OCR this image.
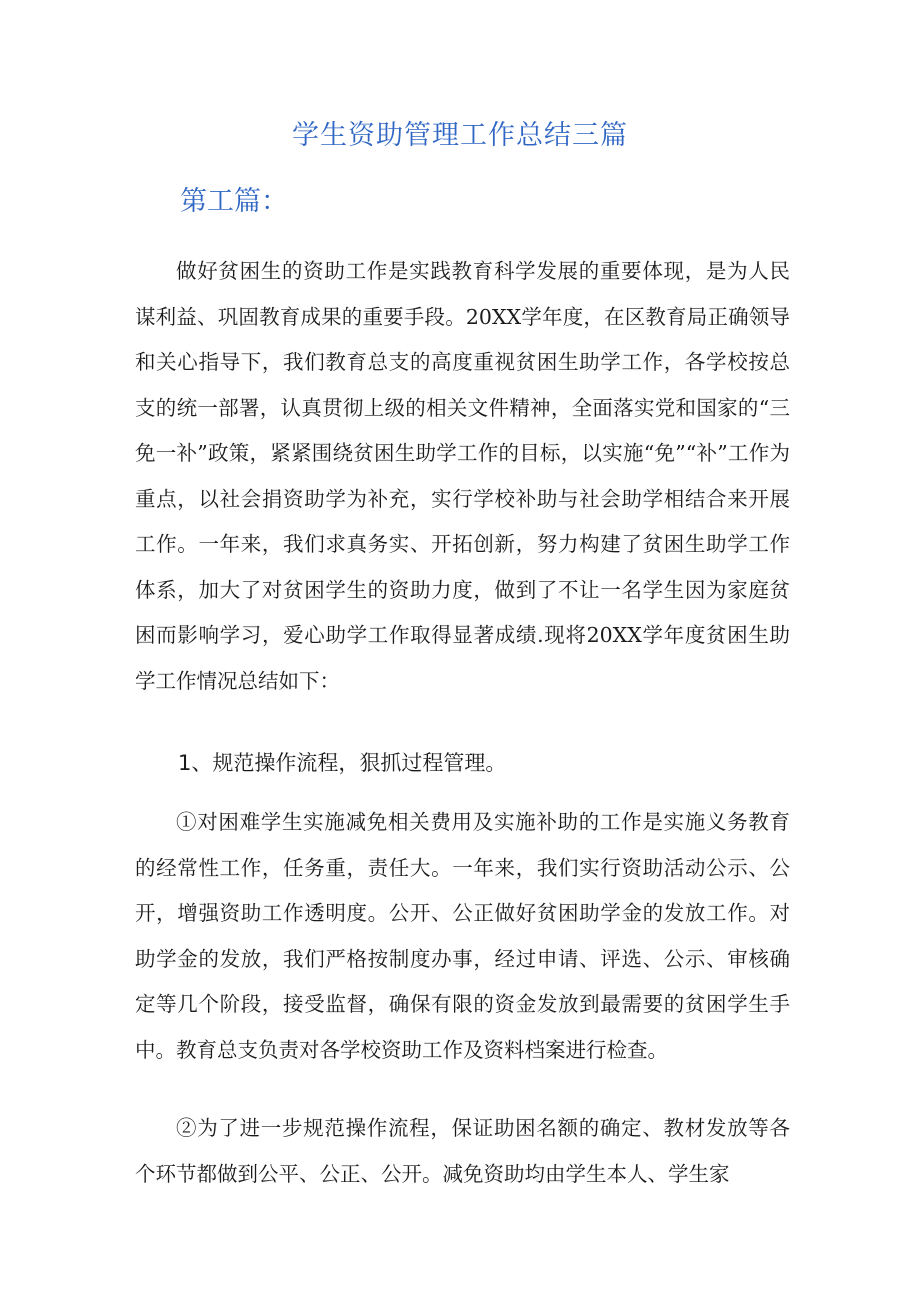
学生资助管理工作总结三篇
第工篇：

做好贫困生的资助工作是实践教育科学发展的重要体现，是为人民谋利益、巩固教育成果的重要手段。20XX学年度，在区教育局正确领导和关心指导下，我们教育总支的高度重视贫困生助学工作，各学校按总支的统一部署，认真贯彻上级的相关文件精神，全面落实党和国家的“三免一补”政策，紧紧围绕贫困生助学工作的目标，以实施“免”“补”工作为重点，以社会捐资助学为补充，实行学校补助与社会助学相结合来开展工作。一年来，我们求真务实、开拓创新，努力构建了贫困生助学工作体系，加大了对贫困学生的资助力度，做到了不让一名学生因为家庭贫困而影响学习，爱心助学工作取得显著成绩.现将20XX学年度贫困生助学工作情况总结如下：

1、规范操作流程，狠抓过程管理。

①对困难学生实施减免相关费用及实施补助的工作是实施义务教育的经常性工作，任务重，责任大。一年来，我们实行资助活动公示、公开，增强资助工作透明度。公开、公正做好贫困助学金的发放工作。对助学金的发放，我们严格按制度办事，经过申请、评选、公示、审核确定等几个阶段，接受监督，确保有限的资金发放到最需要的贫困学生手中。教育总支负责对各学校资助工作及资料档案进行检查。

②为了进一步规范操作流程，保证助困名额的确定、教材发放等各个环节都做到公平、公正、公开。减免资助均由学生本人、学生家
